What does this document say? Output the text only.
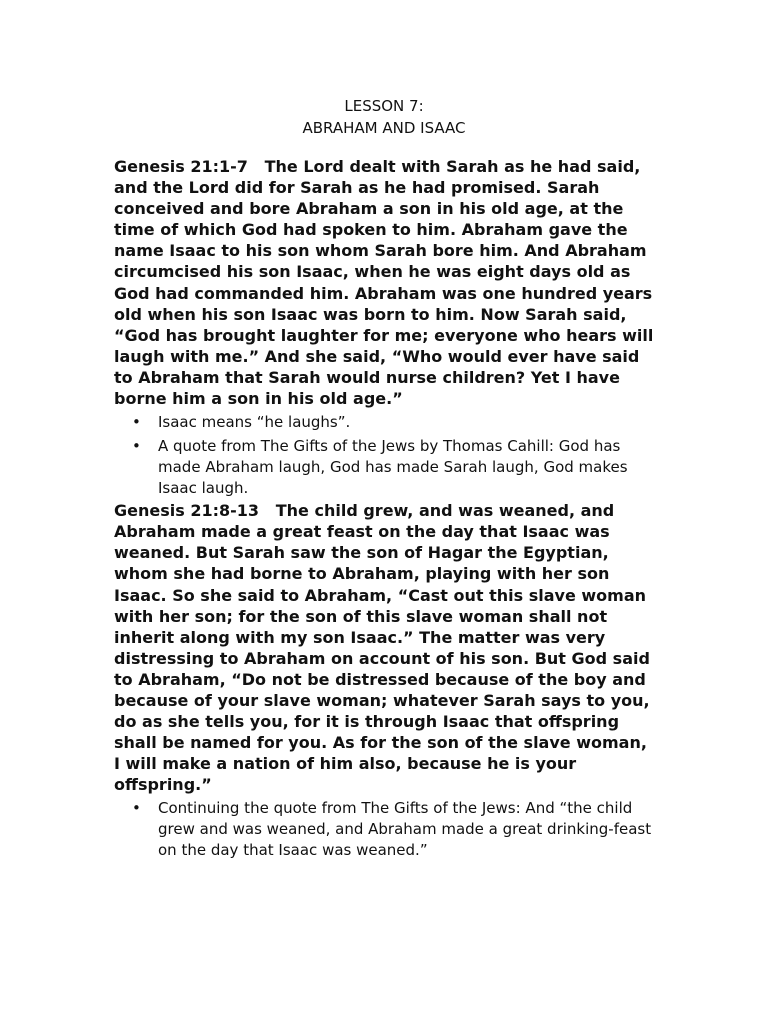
LESSON 7:

ABRAHAM AND ISAAC

Genesis 21:1-7 The Lord dealt with Sarah as he had said, and the Lord did for Sarah as he had promised. Sarah conceived and bore Abraham a son in his old age, at the time of which God had spoken to him. Abraham gave the name Isaac to his son whom Sarah bore him. And Abraham circumcised his son Isaac, when he was eight days old as God had commanded him. Abraham was one hundred years old when his son Isaac was born to him. Now Sarah said, “God has brought laughter for me; everyone who hears will laugh with me.” And she said, “Who would ever have said to Abraham that Sarah would nurse children? Yet I have borne him a son in his old age.”

• Isaac means “he laughs”.
• A quote from The Gifts of the Jews by Thomas Cahill: God has made Abraham laugh, God has made Sarah laugh, God makes Isaac laugh.

Genesis 21:8-13 The child grew, and was weaned, and Abraham made a great feast on the day that Isaac was weaned. But Sarah saw the son of Hagar the Egyptian, whom she had borne to Abraham, playing with her son Isaac. So she said to Abraham, “Cast out this slave woman with her son; for the son of this slave woman shall not inherit along with my son Isaac.” The matter was very distressing to Abraham on account of his son. But God said to Abraham, “Do not be distressed because of the boy and because of your slave woman; whatever Sarah says to you, do as she tells you, for it is through Isaac that offspring shall be named for you. As for the son of the slave woman, I will make a nation of him also, because he is your offspring.”

• Continuing the quote from The Gifts of the Jews: And “the child grew and was weaned, and Abraham made a great drinking-feast on the day that Isaac was weaned.”
